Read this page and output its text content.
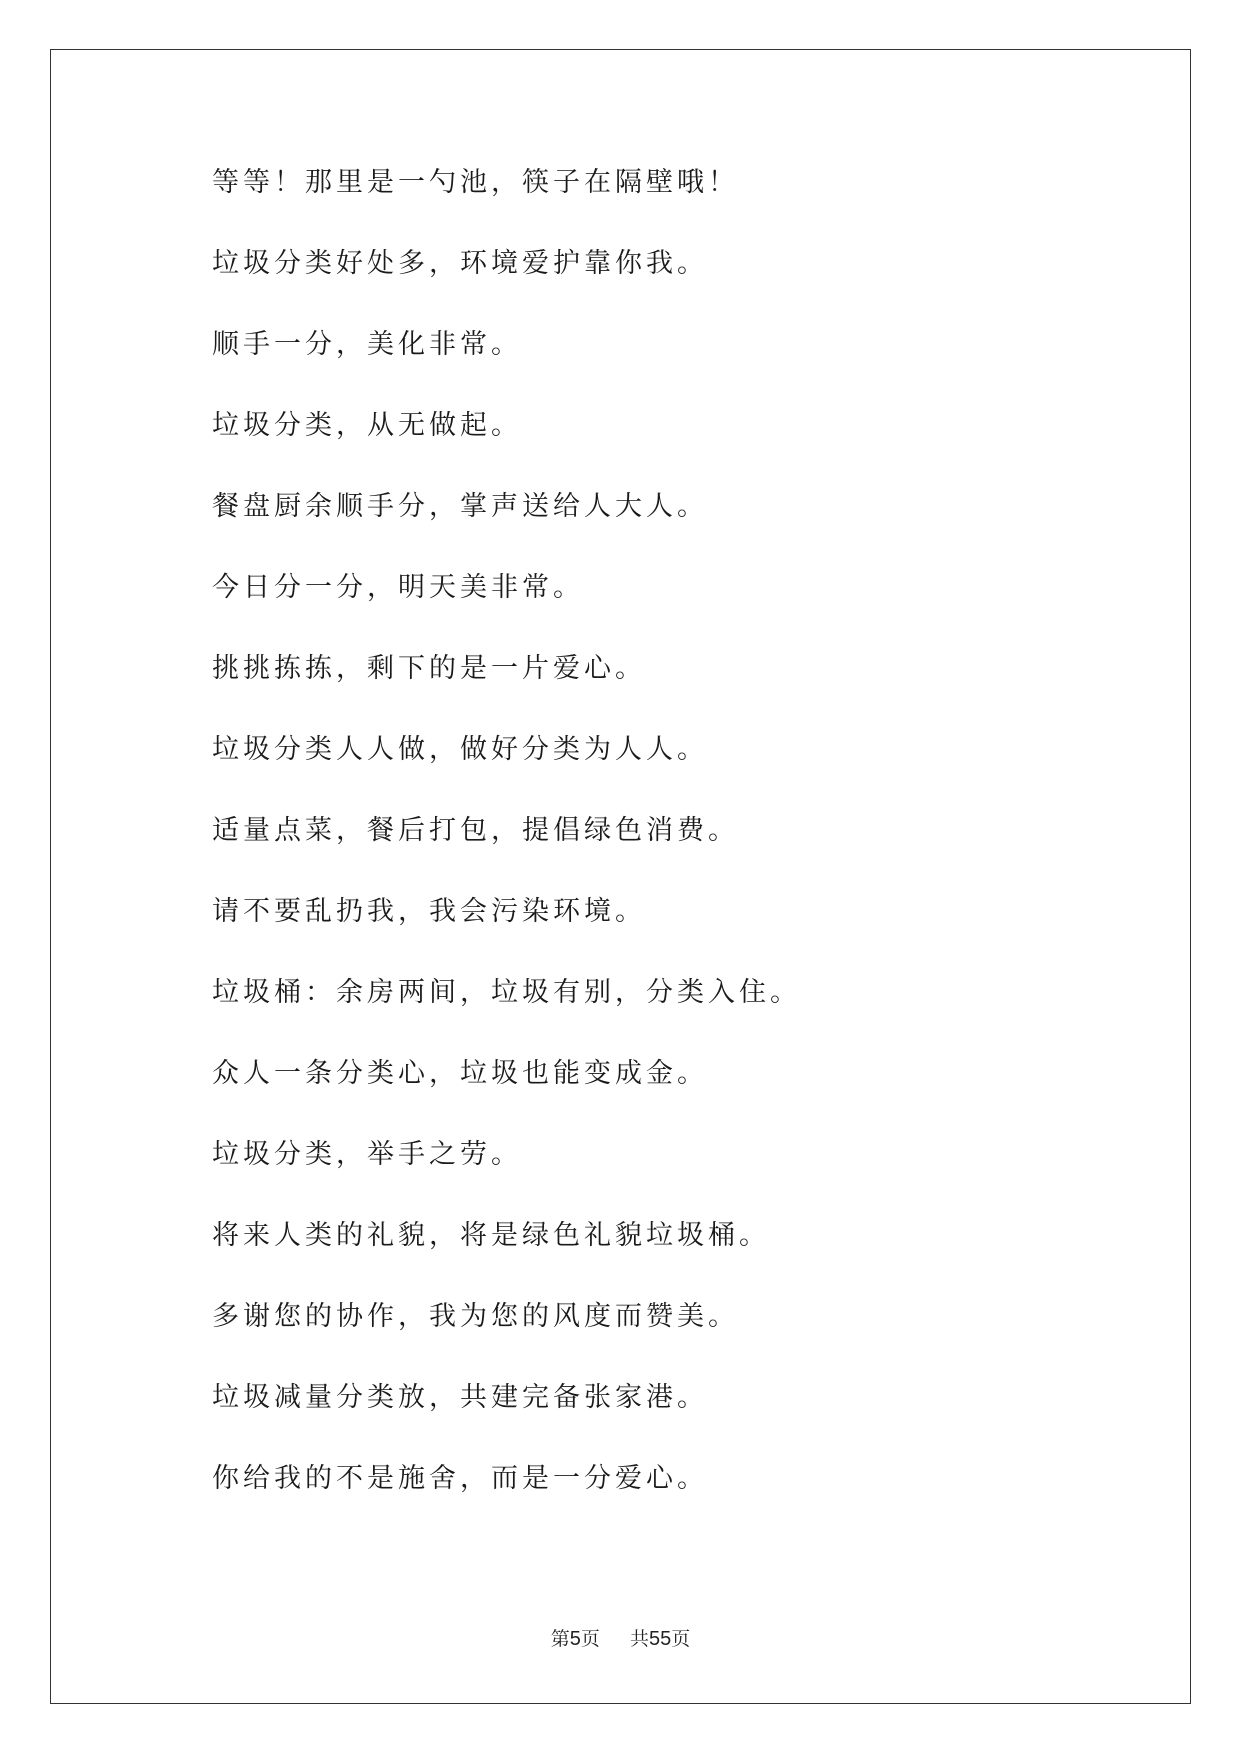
等等！那里是一勺池，筷子在隔壁哦！

垃圾分类好处多，环境爱护靠你我。

顺手一分，美化非常。

垃圾分类，从无做起。

餐盘厨余顺手分，掌声送给人大人。

今日分一分，明天美非常。

挑挑拣拣，剩下的是一片爱心。

垃圾分类人人做，做好分类为人人。

适量点菜，餐后打包，提倡绿色消费。

请不要乱扔我，我会污染环境。

垃圾桶：余房两间，垃圾有别，分类入住。

众人一条分类心，垃圾也能变成金。

垃圾分类，举手之劳。

将来人类的礼貌，将是绿色礼貌垃圾桶。

多谢您的协作，我为您的风度而赞美。

垃圾减量分类放，共建完备张家港。

你给我的不是施舍，而是一分爱心。

第5页 共55页
